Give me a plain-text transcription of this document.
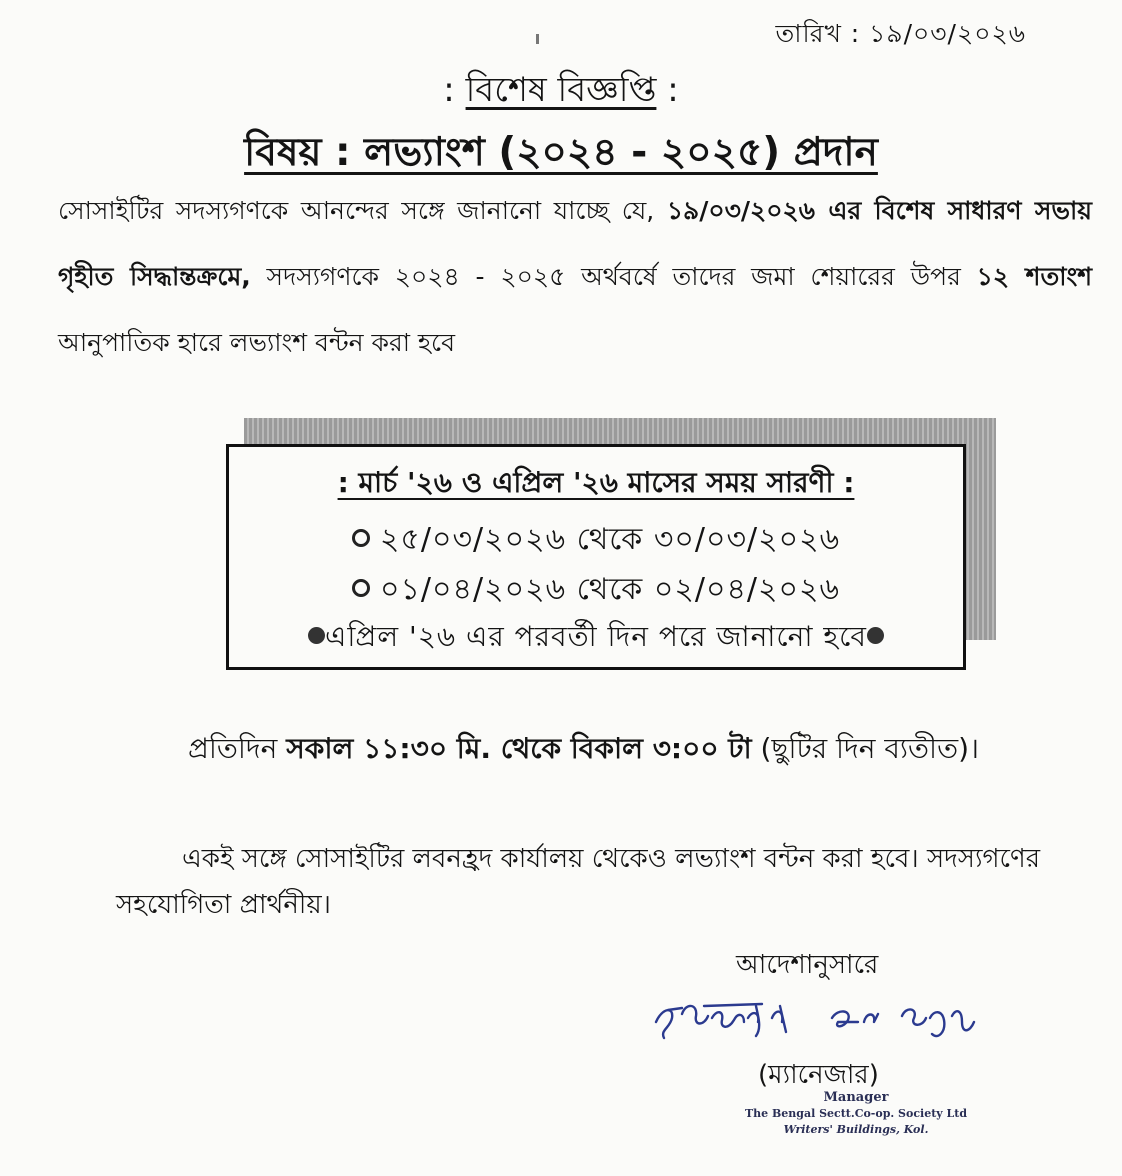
তারিখ : ১৯/০৩/২০২৬
: বিশেষ বিজ্ঞপ্তি :
বিষয় : লভ্যাংশ (২০২৪ - ২০২৫) প্রদান
সোসাইটির সদস্যগণকে আনন্দের সঙ্গে জানানো যাচ্ছে যে, ১৯/০৩/২০২৬ এর বিশেষ সাধারণ সভায় গৃহীত সিদ্ধান্তক্রমে, সদস্যগণকে ২০২৪ - ২০২৫ অর্থবর্ষে তাদের জমা শেয়ারের উপর ১২ শতাংশ আনুপাতিক হারে লভ্যাংশ বন্টন করা হবে
: মার্চ '২৬ ও এপ্রিল '২৬ মাসের সময় সারণী :
২৫/০৩/২০২৬ থেকে ৩০/০৩/২০২৬
০১/০৪/২০২৬ থেকে ০২/০৪/২০২৬
এপ্রিল '২৬ এর পরবর্তী দিন পরে জানানো হবে
প্রতিদিন সকাল ১১:৩০ মি. থেকে বিকাল ৩:০০ টা (ছুটির দিন ব্যতীত)।
একই সঙ্গে সোসাইটির লবনহ্রদ কার্যালয় থেকেও লভ্যাংশ বন্টন করা হবে। সদস্যগণের সহযোগিতা প্রার্থনীয়।
আদেশানুসারে
(ম্যানেজার)
Manager
The Bengal Sectt.Co-op. Society Ltd
Writers' Buildings, Kol.
